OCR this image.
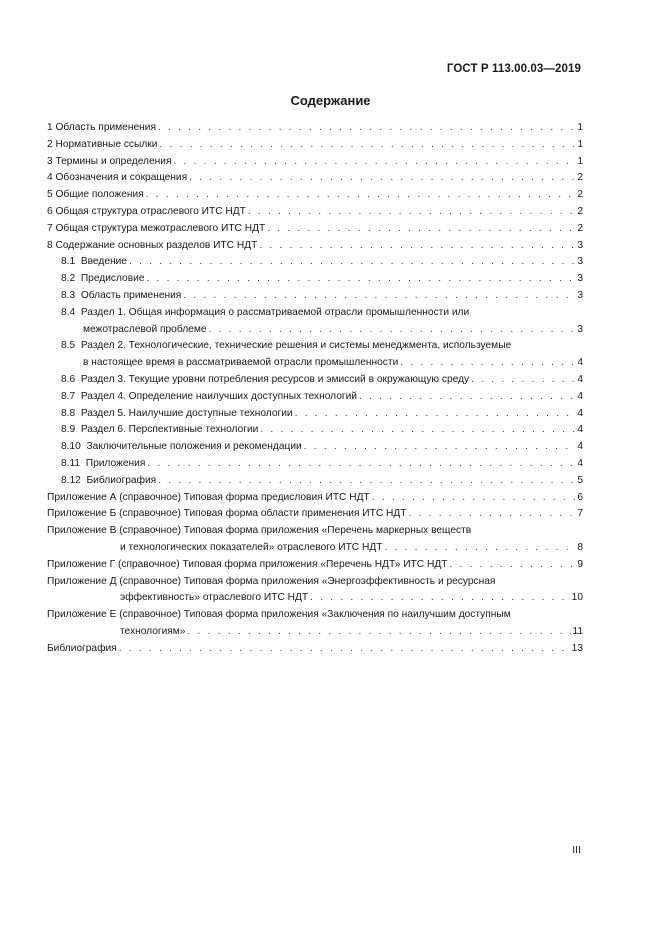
ГОСТ Р 113.00.03—2019
Содержание
1 Область применения . . .	1
2 Нормативные ссылки . . .	1
3 Термины и определения . . .	1
4 Обозначения и сокращения . . .	2
5 Общие положения . . .	2
6 Общая структура отраслевого ИТС НДТ . . .	2
7 Общая структура межотраслевого ИТС НДТ . . .	2
8 Содержание основных разделов ИТС НДТ . . .	3
8.1 Введение . . .	3
8.2 Предисловие . . .	3
8.3 Область применения . . .	3
8.4 Раздел 1. Общая информация о рассматриваемой отрасли промышленности или
межотраслевой проблеме . . .	3
8.5 Раздел 2. Технологические, технические решения и системы менеджмента, используемые
в настоящее время в рассматриваемой отрасли промышленности . . .	4
8.6 Раздел 3. Текущие уровни потребления ресурсов и эмиссий в окружающую среду . . .	4
8.7 Раздел 4. Определение наилучших доступных технологий . . .	4
8.8 Раздел 5. Наилучшие доступные технологии . . .	4
8.9 Раздел 6. Перспективные технологии . . .	4
8.10 Заключительные положения и рекомендации . . .	4
8.11 Приложения . . .	4
8.12 Библиография . . .	5
Приложение А (справочное) Типовая форма предисловия ИТС НДТ . . .	6
Приложение Б (справочное) Типовая форма области применения ИТС НДТ . . .	7
Приложение В (справочное) Типовая форма приложения «Перечень маркерных веществ
и технологических показателей» отраслевого ИТС НДТ . . .	8
Приложение Г (справочное) Типовая форма приложения «Перечень НДТ» ИТС НДТ . . .	9
Приложение Д (справочное) Типовая форма приложения «Энергоэффективность и ресурсная
эффективность» отраслевого ИТС НДТ . . .	10
Приложение Е (справочное) Типовая форма приложения «Заключения по наилучшим доступным
технологиям» . . .	11
Библиография . . .	13
III
